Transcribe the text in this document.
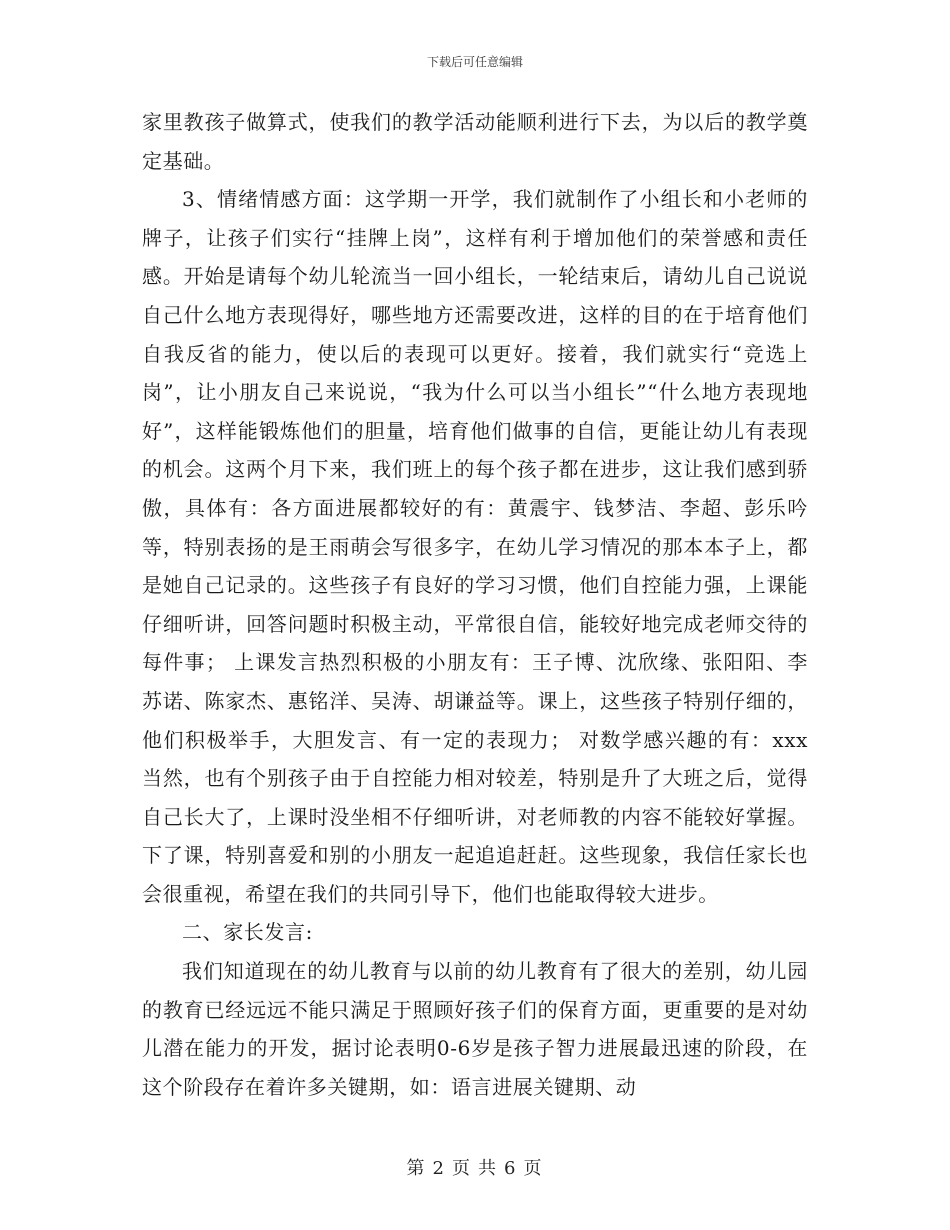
下载后可任意编辑

家里教孩子做算式，使我们的教学活动能顺利进行下去，为以后的教学奠定基础。

3、情绪情感方面：这学期一开学，我们就制作了小组长和小老师的牌子，让孩子们实行“挂牌上岗”，这样有利于增加他们的荣誉感和责任感。开始是请每个幼儿轮流当一回小组长，一轮结束后，请幼儿自己说说自己什么地方表现得好，哪些地方还需要改进，这样的目的在于培育他们自我反省的能力，使以后的表现可以更好。接着，我们就实行“竞选上岗”，让小朋友自己来说说，“我为什么可以当小组长”“什么地方表现地好”，这样能锻炼他们的胆量，培育他们做事的自信，更能让幼儿有表现的机会。这两个月下来，我们班上的每个孩子都在进步，这让我们感到骄傲，具体有：各方面进展都较好的有：黄震宇、钱梦洁、李超、彭乐吟等，特别表扬的是王雨萌会写很多字，在幼儿学习情况的那本本子上，都是她自己记录的。这些孩子有良好的学习习惯，他们自控能力强，上课能仔细听讲，回答问题时积极主动，平常很自信，能较好地完成老师交待的每件事； 上课发言热烈积极的小朋友有：王子博、沈欣缘、张阳阳、李苏诺、陈家杰、惠铭洋、吴涛、胡谦益等。课上，这些孩子特别仔细的，他们积极举手，大胆发言、有一定的表现力； 对数学感兴趣的有：xxx 当然，也有个别孩子由于自控能力相对较差，特别是升了大班之后，觉得自己长大了，上课时没坐相不仔细听讲，对老师教的内容不能较好掌握。下了课，特别喜爱和别的小朋友一起追追赶赶。这些现象，我信任家长也会很重视，希望在我们的共同引导下，他们也能取得较大进步。

二、家长发言:

我们知道现在的幼儿教育与以前的幼儿教育有了很大的差别，幼儿园的教育已经远远不能只满足于照顾好孩子们的保育方面，更重要的是对幼儿潜在能力的开发，据讨论表明0-6岁是孩子智力进展最迅速的阶段，在这个阶段存在着许多关键期，如：语言进展关键期、动

第 2 页 共 6 页
